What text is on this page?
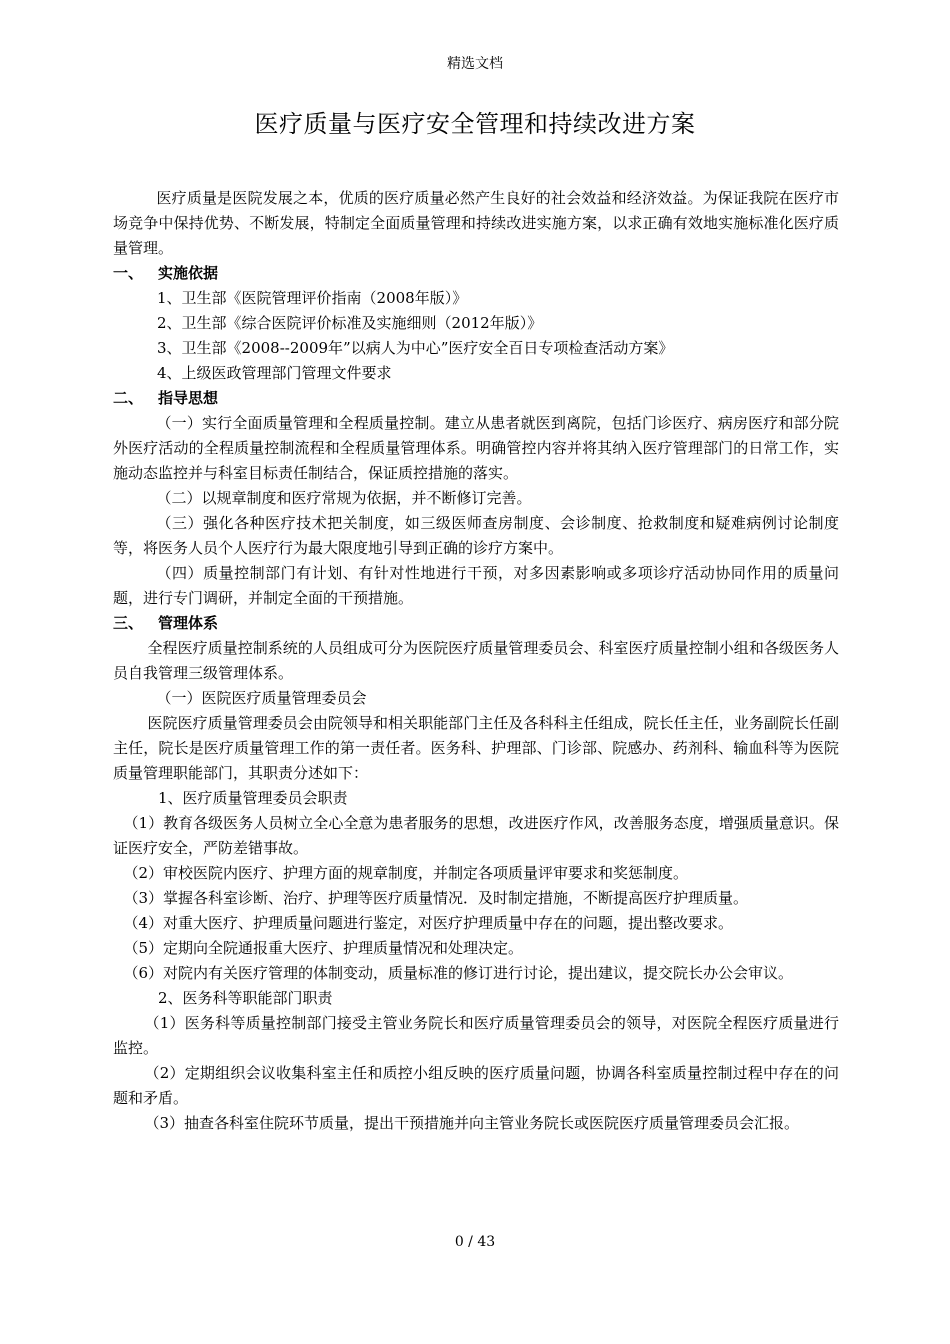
精选文档
医疗质量与医疗安全管理和持续改进方案

医疗质量是医院发展之本，优质的医疗质量必然产生良好的社会效益和经济效益。为保证我院在医疗市场竞争中保持优势、不断发展，特制定全面质量管理和持续改进实施方案，以求正确有效地实施标准化医疗质量管理。

一、 实施依据

1、卫生部《医院管理评价指南（2008年版）》

2、卫生部《综合医院评价标准及实施细则（2012年版）》

3、卫生部《2008--2009年”以病人为中心”医疗安全百日专项检查活动方案》

4、上级医政管理部门管理文件要求

二、 指导思想

（一）实行全面质量管理和全程质量控制。建立从患者就医到离院，包括门诊医疗、病房医疗和部分院外医疗活动的全程质量控制流程和全程质量管理体系。明确管控内容并将其纳入医疗管理部门的日常工作，实施动态监控并与科室目标责任制结合，保证质控措施的落实。

（二）以规章制度和医疗常规为依据，并不断修订完善。

（三）强化各种医疗技术把关制度，如三级医师查房制度、会诊制度、抢救制度和疑难病例讨论制度等，将医务人员个人医疗行为最大限度地引导到正确的诊疗方案中。

（四）质量控制部门有计划、有针对性地进行干预，对多因素影响或多项诊疗活动协同作用的质量问题，进行专门调研，并制定全面的干预措施。

三、 管理体系

全程医疗质量控制系统的人员组成可分为医院医疗质量管理委员会、科室医疗质量控制小组和各级医务人员自我管理三级管理体系。

（一）医院医疗质量管理委员会

医院医疗质量管理委员会由院领导和相关职能部门主任及各科科主任组成，院长任主任，业务副院长任副主任，院长是医疗质量管理工作的第一责任者。医务科、护理部、门诊部、院感办、药剂科、输血科等为医院质量管理职能部门，其职责分述如下：

1、医疗质量管理委员会职责

（1）教育各级医务人员树立全心全意为患者服务的思想，改进医疗作风，改善服务态度，增强质量意识。保证医疗安全，严防差错事故。

（2）审校医院内医疗、护理方面的规章制度，并制定各项质量评审要求和奖惩制度。

（3）掌握各科室诊断、治疗、护理等医疗质量情况．及时制定措施，不断提高医疗护理质量。

（4）对重大医疗、护理质量问题进行鉴定，对医疗护理质量中存在的问题，提出整改要求。

（5）定期向全院通报重大医疗、护理质量情况和处理决定。

（6）对院内有关医疗管理的体制变动，质量标准的修订进行讨论，提出建议，提交院长办公会审议。

2、医务科等职能部门职责

（1）医务科等质量控制部门接受主管业务院长和医疗质量管理委员会的领导，对医院全程医疗质量进行监控。

（2）定期组织会议收集科室主任和质控小组反映的医疗质量问题，协调各科室质量控制过程中存在的问题和矛盾。

（3）抽查各科室住院环节质量，提出干预措施并向主管业务院长或医院医疗质量管理委员会汇报。

0 / 43
